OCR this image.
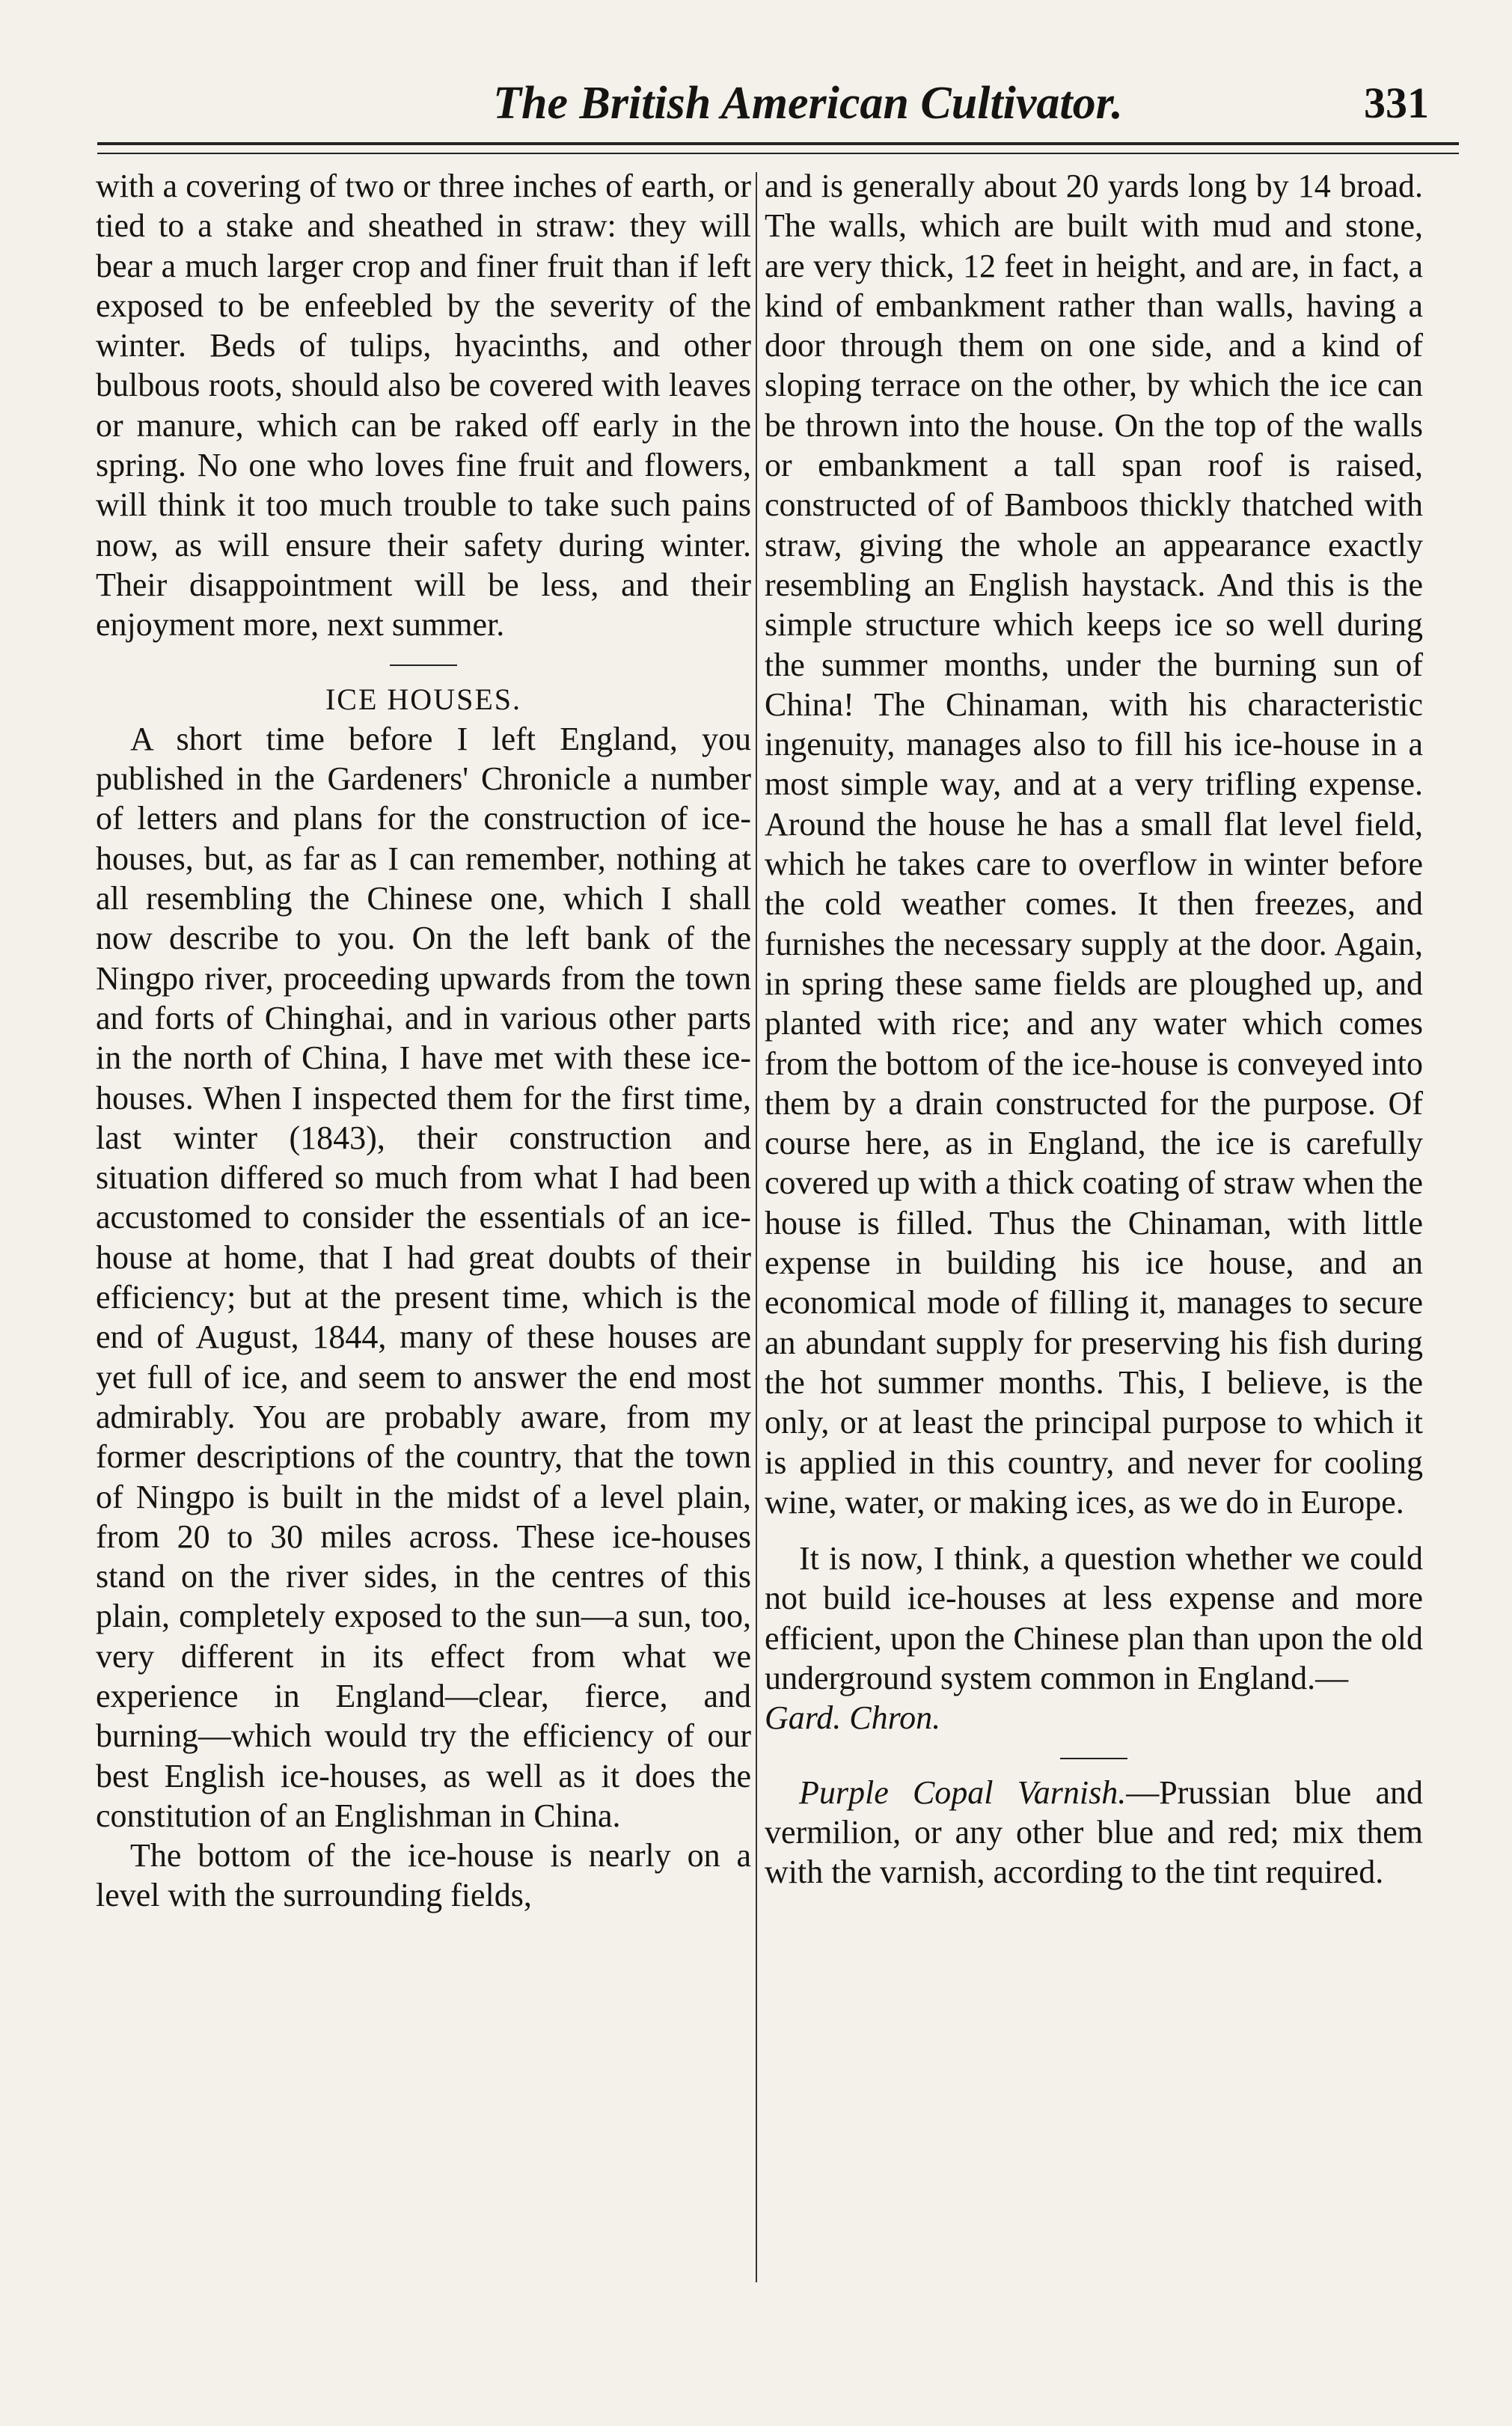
The British American Cultivator.	331

with a covering of two or three inches of earth, or tied to a stake and sheathed in straw: they will bear a much larger crop and finer fruit than if left exposed to be enfeebled by the severity of the winter. Beds of tulips, hyacinths, and other bulbous roots, should also be covered with leaves or manure, which can be raked off early in the spring. No one who loves fine fruit and flowers, will think it too much trouble to take such pains now, as will ensure their safety during winter. Their disappointment will be less, and their enjoyment more, next summer.

ICE HOUSES.

A short time before I left England, you published in the Gardeners' Chronicle a number of letters and plans for the construction of ice-houses, but, as far as I can remember, nothing at all resembling the Chinese one, which I shall now describe to you. On the left bank of the Ningpo river, proceeding upwards from the town and forts of Chinghai, and in various other parts in the north of China, I have met with these ice-houses. When I inspected them for the first time, last winter (1843), their construction and situation differed so much from what I had been accustomed to consider the essentials of an ice-house at home, that I had great doubts of their efficiency; but at the present time, which is the end of August, 1844, many of these houses are yet full of ice, and seem to answer the end most admirably. You are probably aware, from my former descriptions of the country, that the town of Ningpo is built in the midst of a level plain, from 20 to 30 miles across. These ice-houses stand on the river sides, in the centres of this plain, completely exposed to the sun—a sun, too, very different in its effect from what we experience in England—clear, fierce, and burning—which would try the efficiency of our best English ice-houses, as well as it does the constitution of an Englishman in China.

The bottom of the ice-house is nearly on a level with the surrounding fields,

and is generally about 20 yards long by 14 broad. The walls, which are built with mud and stone, are very thick, 12 feet in height, and are, in fact, a kind of embankment rather than walls, having a door through them on one side, and a kind of sloping terrace on the other, by which the ice can be thrown into the house. On the top of the walls or embankment a tall span roof is raised, constructed of of Bamboos thickly thatched with straw, giving the whole an appearance exactly resembling an English haystack. And this is the simple structure which keeps ice so well during the summer months, under the burning sun of China! The Chinaman, with his characteristic ingenuity, manages also to fill his ice-house in a most simple way, and at a very trifling expense. Around the house he has a small flat level field, which he takes care to overflow in winter before the cold weather comes. It then freezes, and furnishes the necessary supply at the door. Again, in spring these same fields are ploughed up, and planted with rice; and any water which comes from the bottom of the ice-house is conveyed into them by a drain constructed for the purpose. Of course here, as in England, the ice is carefully covered up with a thick coating of straw when the house is filled. Thus the Chinaman, with little expense in building his ice house, and an economical mode of filling it, manages to secure an abundant supply for preserving his fish during the hot summer months. This, I believe, is the only, or at least the principal purpose to which it is applied in this country, and never for cooling wine, water, or making ices, as we do in Europe.

It is now, I think, a question whether we could not build ice-houses at less expense and more efficient, upon the Chinese plan than upon the old underground system common in England.—

Gard. Chron.

Purple Copal Varnish.—Prussian blue and vermilion, or any other blue and red; mix them with the varnish, according to the tint required.
